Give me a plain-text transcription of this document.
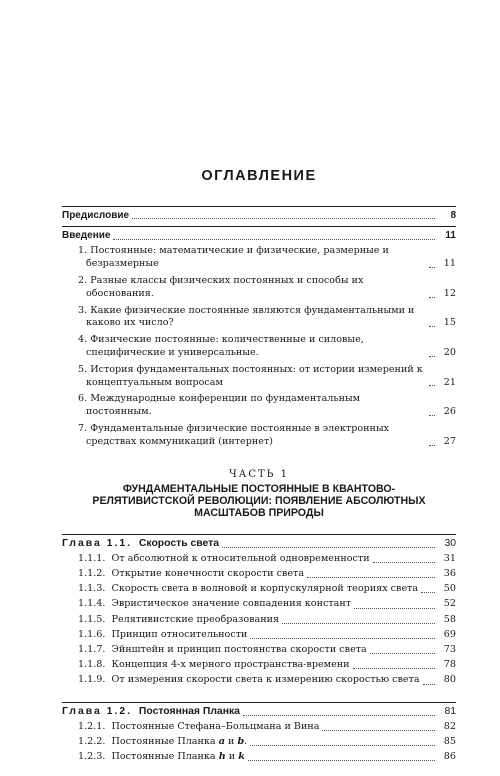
ОГЛАВЛЕНИЕ
Предисловие	8
Введение	11
1. Постоянные: математические и физические, размерные и безразмерные	11
2. Разные классы физических постоянных и способы их обоснования.	12
3. Какие физические постоянные являются фундаментальными и каково их число?	15
4. Физические постоянные: количественные и силовые, специфические и универсальные.	20
5. История фундаментальных постоянных: от истории измерений к концептуальным вопросам	21
6. Международные конференции по фундаментальным постоянным.	26
7. Фундаментальные физические постоянные в электронных средствах коммуникаций (интернет)	27
ЧАСТЬ 1
ФУНДАМЕНТАЛЬНЫЕ ПОСТОЯННЫЕ В КВАНТОВО-РЕЛЯТИВИСТСКОЙ РЕВОЛЮЦИИ: ПОЯВЛЕНИЕ АБСОЛЮТНЫХ МАСШТАБОВ ПРИРОДЫ
Глава 1.1. Скорость света	30
1.1.1. От абсолютной к относительной одновременности	31
1.1.2. Открытие конечности скорости света	36
1.1.3. Скорость света в волновой и корпускулярной теориях света	50
1.1.4. Эвристическое значение совпадения констант	52
1.1.5. Релятивистские преобразования	58
1.1.6. Принцип относительности	69
1.1.7. Эйнштейн и принцип постоянства скорости света	73
1.1.8. Концепция 4-х мерного пространства-времени	78
1.1.9. От измерения скорости света к измерению скоростью света	80
Глава 1.2. Постоянная Планка	81
1.2.1. Постоянные Стефана–Больцмана и Вина	82
1.2.2. Постоянные Планка a и b.	85
1.2.3. Постоянные Планка h и k	86
